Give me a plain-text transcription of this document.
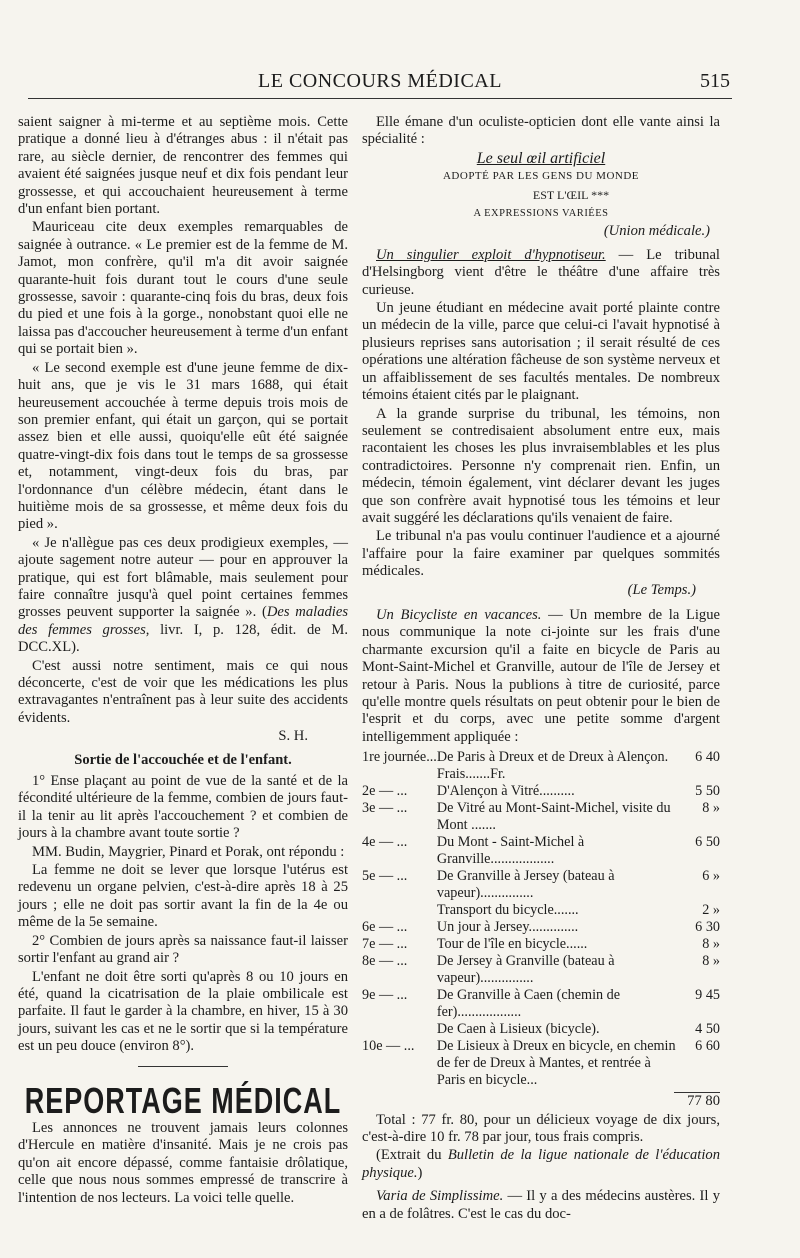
LE CONCOURS MÉDICAL	515

saient saigner à mi-terme et au septième mois. Cette pratique a donné lieu à d'étranges abus : il n'était pas rare, au siècle dernier, de rencontrer des femmes qui avaient été saignées jusque neuf et dix fois pendant leur grossesse, et qui accouchaient heureusement à terme d'un enfant bien portant.

Mauriceau cite deux exemples remarquables de saignée à outrance. « Le premier est de la femme de M. Jamot, mon confrère, qu'il m'a dit avoir saignée quarante-huit fois durant tout le cours d'une seule grossesse, savoir : quarante-cinq fois du bras, deux fois du pied et une fois à la gorge., nonobstant quoi elle ne laissa pas d'accoucher heureusement à terme d'un enfant qui se portait bien ».

« Le second exemple est d'une jeune femme de dix-huit ans, que je vis le 31 mars 1688, qui était heureusement accouchée à terme depuis trois mois de son premier enfant, qui était un garçon, qui se portait assez bien et elle aussi, quoiqu'elle eût été saignée quatre-vingt-dix fois dans tout le temps de sa grossesse et, notamment, vingt-deux fois du bras, par l'ordonnance d'un célèbre médecin, étant dans le huitième mois de sa grossesse, et même deux fois du pied ».

« Je n'allègue pas ces deux prodigieux exemples, — ajoute sagement notre auteur — pour en approuver la pratique, qui est fort blâmable, mais seulement pour faire connaître jusqu'à quel point certaines femmes grosses peuvent supporter la saignée ». (Des maladies des femmes grosses, livr. I, p. 128, édit. de M. DCC.XL).

C'est aussi notre sentiment, mais ce qui nous déconcerte, c'est de voir que les médications les plus extravagantes n'entraînent pas à leur suite des accidents évidents.

S. H.

Sortie de l'accouchée et de l'enfant.

1° Ense plaçant au point de vue de la santé et de la fécondité ultérieure de la femme, combien de jours faut-il la tenir au lit après l'accouchement ? et combien de jours à la chambre avant toute sortie ?

MM. Budin, Maygrier, Pinard et Porak, ont répondu :

La femme ne doit se lever que lorsque l'utérus est redevenu un organe pelvien, c'est-à-dire après 18 à 25 jours ; elle ne doit pas sortir avant la fin de la 4e ou même de la 5e semaine.

2° Combien de jours après sa naissance faut-il laisser sortir l'enfant au grand air ?

L'enfant ne doit être sorti qu'après 8 ou 10 jours en été, quand la cicatrisation de la plaie ombilicale est parfaite. Il faut le garder à la chambre, en hiver, 15 à 30 jours, suivant les cas et ne le sortir que si la température est un peu douce (environ 8°).

REPORTAGE MÉDICAL

Les annonces ne trouvent jamais leurs colonnes d'Hercule en matière d'insanité. Mais je ne crois pas qu'on ait encore dépassé, comme fantaisie drôlatique, celle que nous nous sommes empressé de transcrire à l'intention de nos lecteurs. La voici telle quelle.

Elle émane d'un oculiste-opticien dont elle vante ainsi la spécialité :

Le seul œil artificiel

ADOPTÉ PAR LES GENS DU MONDE

EST L'ŒIL ***

A EXPRESSIONS VARIÉES

(Union médicale.)

Un singulier exploit d'hypnotiseur. — Le tribunal d'Helsingborg vient d'être le théâtre d'une affaire très curieuse.

Un jeune étudiant en médecine avait porté plainte contre un médecin de la ville, parce que celui-ci l'avait hypnotisé à plusieurs reprises sans autorisation ; il serait résulté de ces opérations une altération fâcheuse de son système nerveux et un affaiblissement de ses facultés mentales. De nombreux témoins étaient cités par le plaignant.

A la grande surprise du tribunal, les témoins, non seulement se contredisaient absolument entre eux, mais racontaient les choses les plus invraisemblables et les plus contradictoires. Personne n'y comprenait rien. Enfin, un médecin, témoin également, vint déclarer devant les juges que son confrère avait hypnotisé tous les témoins et leur avait suggéré les déclarations qu'ils venaient de faire.

Le tribunal n'a pas voulu continuer l'audience et a ajourné l'affaire pour la faire examiner par quelques sommités médicales.

(Le Temps.)

Un Bicycliste en vacances. — Un membre de la Ligue nous communique la note ci-jointe sur les frais d'une charmante excursion qu'il a faite en bicycle de Paris au Mont-Saint-Michel et Granville, autour de l'île de Jersey et retour à Paris. Nous la publions à titre de curiosité, parce qu'elle montre quels résultats on peut obtenir pour le bien de l'esprit et du corps, avec une petite somme d'argent intelligemment appliquée :

1re journée...	De Paris à Dreux et de Dreux à Alençon. Frais.......Fr.	6 40
2e — ...	D'Alençon à Vitré..........	5 50
3e — ...	De Vitré au Mont-Saint-Michel, visite du Mont .......	8 »
4e — ...	Du Mont - Saint-Michel à Granville..................	6 50
5e — ...	De Granville à Jersey (bateau à vapeur)...............	6 »
	Transport du bicycle.......	2 »
6e — ...	Un jour à Jersey..............	6 30
7e — ...	Tour de l'île en bicycle......	8 »
8e — ...	De Jersey à Granville (bateau à vapeur)...............	8 »
9e — ...	De Granville à Caen (chemin de fer)..................	9 45
	De Caen à Lisieux (bicycle).	4 50
10e — ...	De Lisieux à Dreux en bicycle, en chemin de fer de Dreux à Mantes, et rentrée à Paris en bicycle...	6 60

77 80

Total : 77 fr. 80, pour un délicieux voyage de dix jours, c'est-à-dire 10 fr. 78 par jour, tous frais compris.

(Extrait du Bulletin de la ligue nationale de l'éducation physique.)

Varia de Simplissime. — Il y a des médecins austères. Il y en a de folâtres. C'est le cas du doc-
